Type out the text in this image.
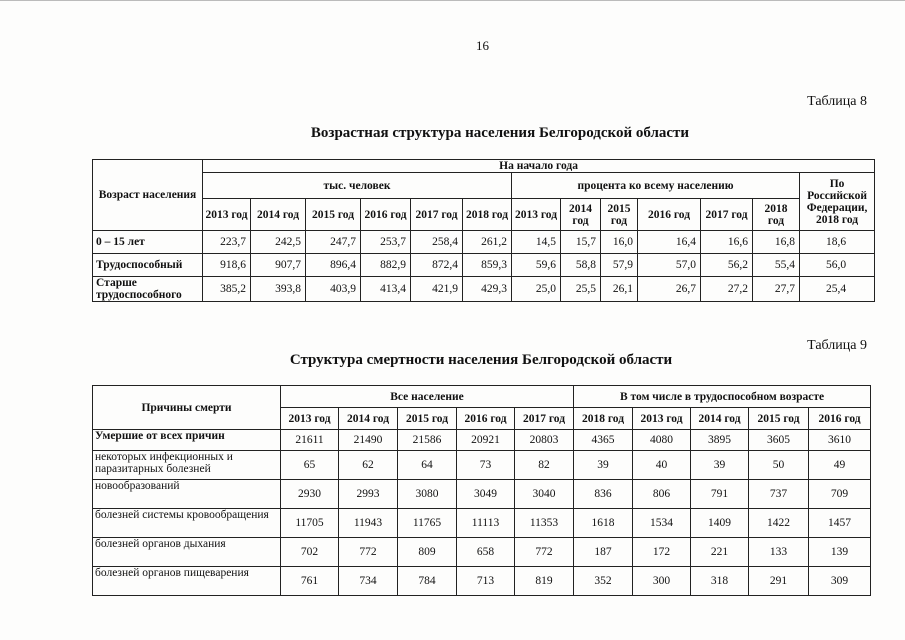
16
Таблица 8
Возрастная структура населения Белгородской области
Возраст населения	На начало года												
	тыс. человек						процента ко всему населению						По Российской Федерации, 2018 год
	2013 год	2014 год	2015 год	2016 год	2017 год	2018 год	2013 год	2014 год	2015 год	2016 год	2017 год	2018 год	
0 – 15 лет	223,7	242,5	247,7	253,7	258,4	261,2	14,5	15,7	16,0	16,4	16,6	16,8	18,6
Трудоспособный	918,6	907,7	896,4	882,9	872,4	859,3	59,6	58,8	57,9	57,0	56,2	55,4	56,0
Старше трудоспособного	385,2	393,8	403,9	413,4	421,9	429,3	25,0	25,5	26,1	26,7	27,2	27,7	25,4
Таблица 9
Структура смертности населения Белгородской области
Причины смерти	Все население					В том числе в трудоспособном возрасте				
	2013 год	2014 год	2015 год	2016 год	2017 год	2018 год	2013 год	2014 год	2015 год	2016 год
Умершие от всех причин	21611	21490	21586	20921	20803	4365	4080	3895	3605	3610
некоторых инфекционных и паразитарных болезней	65	62	64	73	82	39	40	39	50	49
новообразований	2930	2993	3080	3049	3040	836	806	791	737	709
болезней системы кровообращения	11705	11943	11765	11113	11353	1618	1534	1409	1422	1457
болезней органов дыхания	702	772	809	658	772	187	172	221	133	139
болезней органов пищеварения	761	734	784	713	819	352	300	318	291	309
